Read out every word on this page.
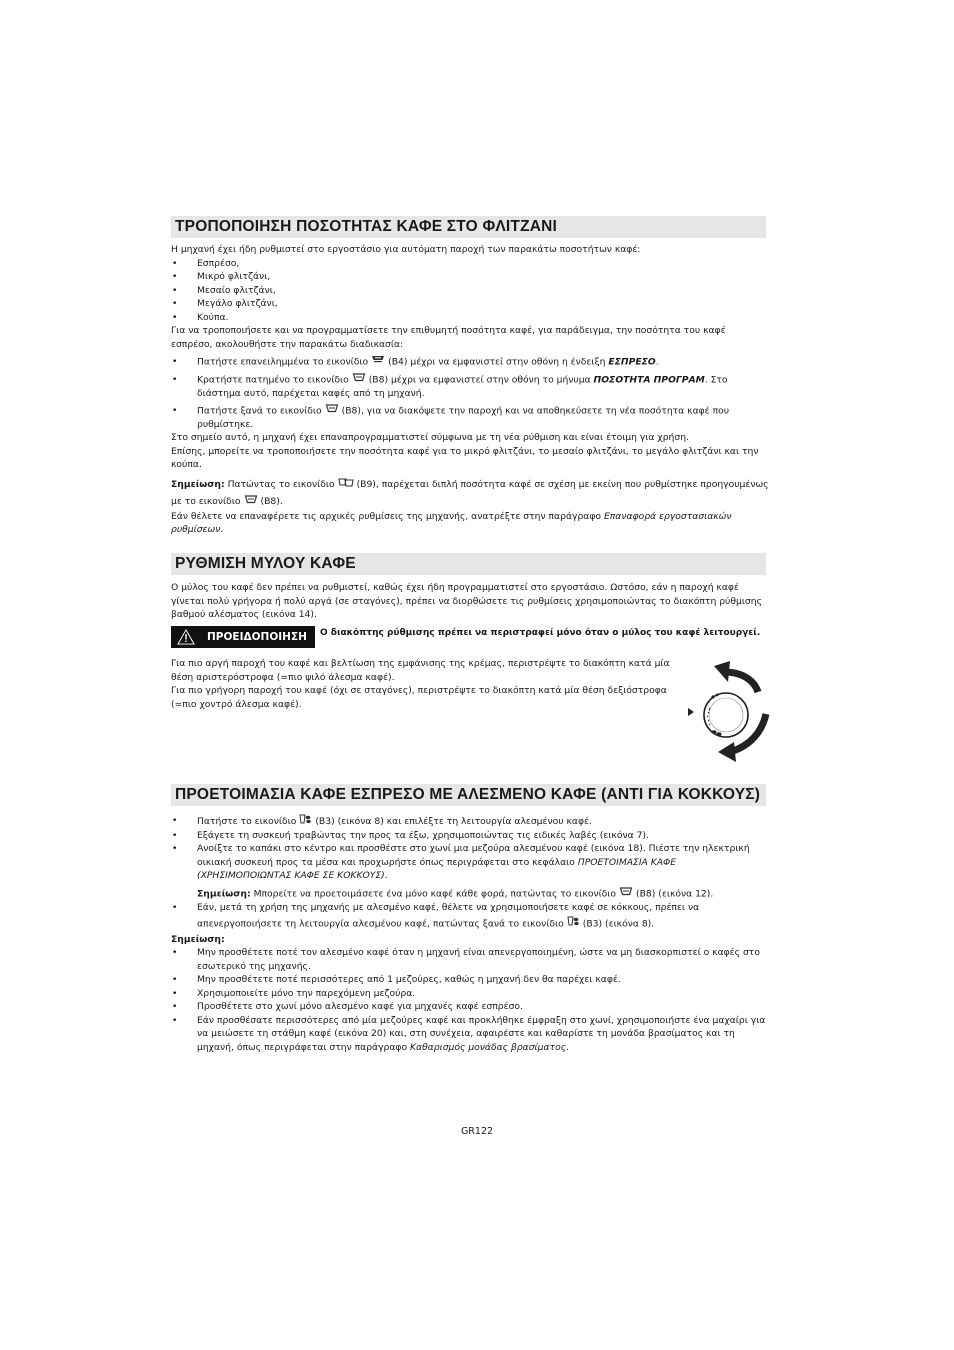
ΤΡΟΠΟΠΟΙΗΣΗ ΠΟΣΟΤΗΤΑΣ ΚΑΦΕ ΣΤΟ ΦΛΙΤΖΑΝΙ

Η μηχανή έχει ήδη ρυθμιστεί στο εργοστάσιο για αυτόματη παροχή των παρακάτω ποσοτήτων καφέ:

• Εσπρέσο,

• Μικρό φλιτζάνι,

• Μεσαίο φλιτζάνι,

• Μεγάλο φλιτζάνι,

• Κούπα.

Για να τροποποιήσετε και να προγραμματίσετε την επιθυμητή ποσότητα καφέ, για παράδειγμα, την ποσότητα του καφέ εσπρέσο, ακολουθήστε την παρακάτω διαδικασία:

• Πατήστε επανειλημμένα το εικονίδιο (B4) μέχρι να εμφανιστεί στην οθόνη η ένδειξη ΕΣΠΡΕΣΟ.

• Κρατήστε πατημένο το εικονίδιο (B8) μέχρι να εμφανιστεί στην οθόνη το μήνυμα ΠΟΣΟΤΗΤΑ ΠΡΟΓΡΑΜ. Στο διάστημα αυτό, παρέχεται καφές από τη μηχανή.

• Πατήστε ξανά το εικονίδιο (B8), για να διακόψετε την παροχή και να αποθηκεύσετε τη νέα ποσότητα καφέ που ρυθμίστηκε.

Στο σημείο αυτό, η μηχανή έχει επαναπρογραμματιστεί σύμφωνα με τη νέα ρύθμιση και είναι έτοιμη για χρήση.

Επίσης, μπορείτε να τροποποιήσετε την ποσότητα καφέ για το μικρό φλιτζάνι, το μεσαίο φλιτζάνι, το μεγάλο φλιτζάνι και την κούπα.

Σημείωση: Πατώντας το εικονίδιο (B9), παρέχεται διπλή ποσότητα καφέ σε σχέση με εκείνη που ρυθμίστηκε προηγουμένως
με το εικονίδιο (B8).

Εάν θέλετε να επαναφέρετε τις αρχικές ρυθμίσεις της μηχανής, ανατρέξτε στην παράγραφο Επαναφορά εργοστασιακών ρυθμίσεων.

ΡΥΘΜΙΣΗ ΜΥΛΟΥ ΚΑΦΕ

Ο μύλος του καφέ δεν πρέπει να ρυθμιστεί, καθώς έχει ήδη προγραμματιστεί στο εργοστάσιο. Ωστόσο, εάν η παροχή καφέ γίνεται πολύ γρήγορα ή πολύ αργά (σε σταγόνες), πρέπει να διορθώσετε τις ρυθμίσεις χρησιμοποιώντας το διακόπτη ρύθμισης βαθμού αλέσματος (εικόνα 14).

ΠΡΟΕΙΔΟΠΟΙΗΣΗ Ο διακόπτης ρύθμισης πρέπει να περιστραφεί μόνο όταν ο μύλος του καφέ λειτουργεί.

Για πιο αργή παροχή του καφέ και βελτίωση της εμφάνισης της κρέμας, περιστρέψτε το διακόπτη κατά μία θέση αριστερόστροφα (=πιο ψιλό άλεσμα καφέ).

Για πιο γρήγορη παροχή του καφέ (όχι σε σταγόνες), περιστρέψτε το διακόπτη κατά μία θέση δεξιόστροφα (=πιο χοντρό άλεσμα καφέ).

ΠΡΟΕΤΟΙΜΑΣΙΑ ΚΑΦΕ ΕΣΠΡΕΣΟ ΜΕ ΑΛΕΣΜΕΝΟ ΚΑΦΕ (ΑΝΤΙ ΓΙΑ ΚΟΚΚΟΥΣ)

• Πατήστε το εικονίδιο (B3) (εικόνα 8) και επιλέξτε τη λειτουργία αλεσμένου καφέ.

• Εξάγετε τη συσκευή τραβώντας την προς τα έξω, χρησιμοποιώντας τις ειδικές λαβές (εικόνα 7).

• Ανοίξτε το καπάκι στο κέντρο και προσθέστε στο χωνί μια μεζούρα αλεσμένου καφέ (εικόνα 18). Πιέστε την ηλεκτρική οικιακή συσκευή προς τα μέσα και προχωρήστε όπως περιγράφεται στο κεφάλαιο ΠΡΟΕΤΟΙΜΑΣΙΑ ΚΑΦΕ (ΧΡΗΣΙΜΟΠΟΙΩΝΤΑΣ ΚΑΦΕ ΣΕ ΚΟΚΚΟΥΣ).

Σημείωση: Μπορείτε να προετοιμάσετε ένα μόνο καφέ κάθε φορά, πατώντας το εικονίδιο (B8) (εικόνα 12).

• Εάν, μετά τη χρήση της μηχανής με αλεσμένο καφέ, θέλετε να χρησιμοποιήσετε καφέ σε κόκκους, πρέπει να απενεργοποιήσετε τη λειτουργία αλεσμένου καφέ, πατώντας ξανά το εικονίδιο (B3) (εικόνα 8).

Σημείωση:

• Μην προσθέτετε ποτέ τον αλεσμένο καφέ όταν η μηχανή είναι απενεργοποιημένη, ώστε να μη διασκορπιστεί ο καφές στο εσωτερικό της μηχανής.

• Μην προσθέτετε ποτέ περισσότερες από 1 μεζούρες, καθώς η μηχανή δεν θα παρέχει καφέ.

• Χρησιμοποιείτε μόνο την παρεχόμενη μεζούρα.

• Προσθέτετε στο χωνί μόνο αλεσμένο καφέ για μηχανές καφέ εσπρέσο.

• Εάν προσθέσατε περισσότερες από μία μεζούρες καφέ και προκλήθηκε έμφραξη στο χωνί, χρησιμοποιήστε ένα μαχαίρι για να μειώσετε τη στάθμη καφέ (εικόνα 20) και, στη συνέχεια, αφαιρέστε και καθαρίστε τη μονάδα βρασίματος και τη μηχανή, όπως περιγράφεται στην παράγραφο Καθαρισμός μονάδας βρασίματος.

GR122
